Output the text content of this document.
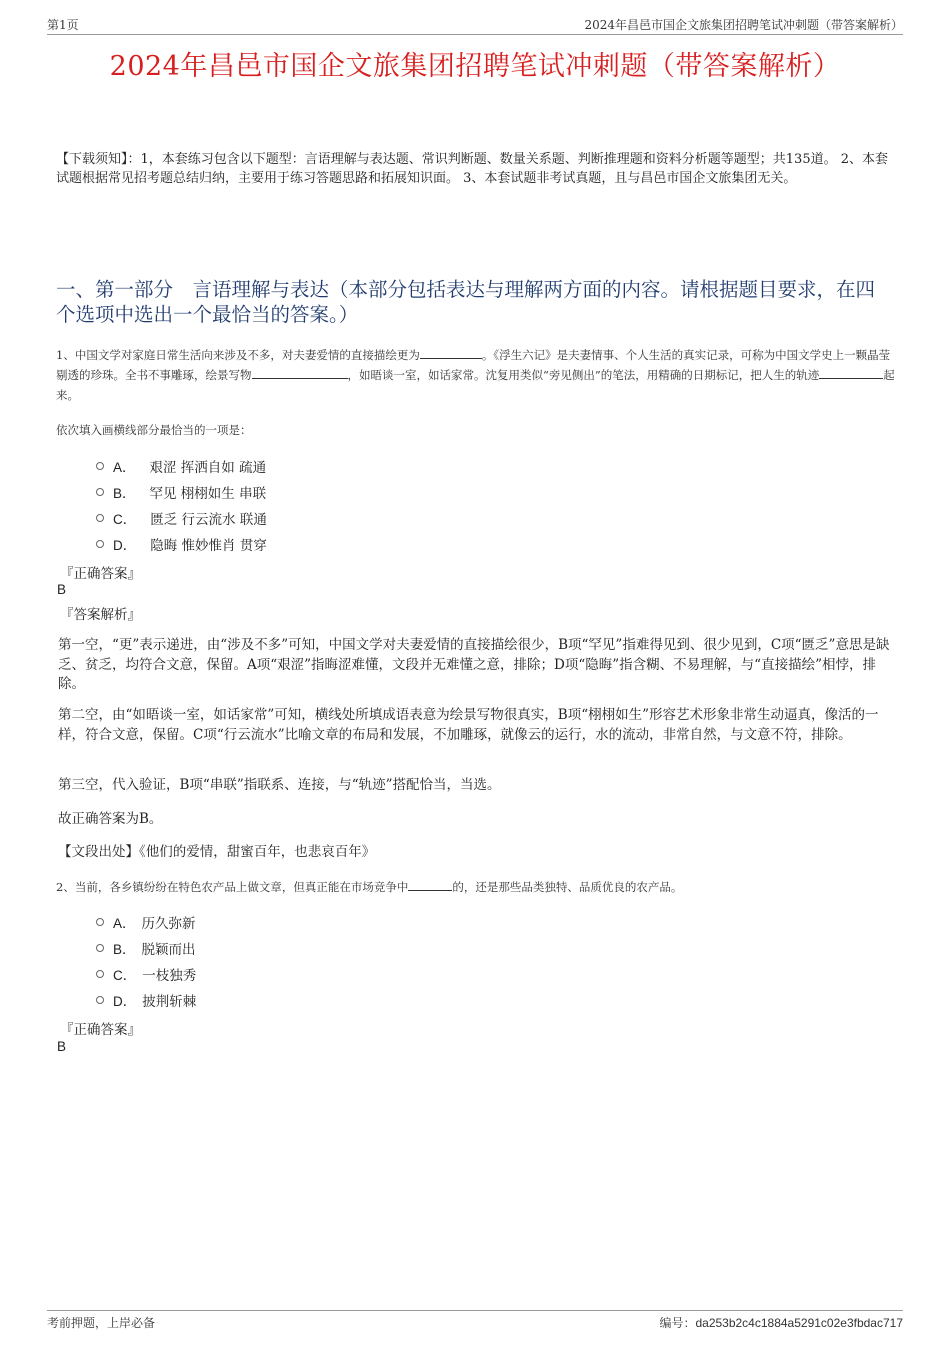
第1页	2024年昌邑市国企文旅集团招聘笔试冲刺题（带答案解析）
2024年昌邑市国企文旅集团招聘笔试冲刺题（带答案解析）
【下载须知】：1，本套练习包含以下题型：言语理解与表达题、常识判断题、数量关系题、判断推理题和资料分析题等题型；共135道。 2、本套试题根据常见招考题总结归纳，主要用于练习答题思路和拓展知识面。 3、本套试题非考试真题，且与昌邑市国企文旅集团无关。
一、第一部分　言语理解与表达（本部分包括表达与理解两方面的内容。请根据题目要求，在四个选项中选出一个最恰当的答案。）
1、中国文学对家庭日常生活向来涉及不多，对夫妻爱情的直接描绘更为	。《浮生六记》是夫妻情事、个人生活的真实记录，可称为中国文学史上一颗晶莹剔透的珍珠。全书不事雕琢，绘景写物	，如晤谈一室，如话家常。沈复用类似“旁见侧出”的笔法，用精确的日期标记，把人生的轨迹	起来。
依次填入画横线部分最恰当的一项是：
A． 艰涩 挥洒自如 疏通
B． 罕见 栩栩如生 串联
C． 匮乏 行云流水 联通
D． 隐晦 惟妙惟肖 贯穿
『正确答案』
B
『答案解析』
第一空，“更”表示递进，由“涉及不多”可知，中国文学对夫妻爱情的直接描绘很少，B项“罕见”指难得见到、很少见到，C项“匮乏”意思是缺乏、贫乏，均符合文意，保留。A项“艰涩”指晦涩难懂，文段并无难懂之意，排除；D项“隐晦”指含糊、不易理解，与“直接描绘”相悖，排除。
第二空，由“如晤谈一室，如话家常”可知，横线处所填成语表意为绘景写物很真实，B项“栩栩如生”形容艺术形象非常生动逼真，像活的一样，符合文意，保留。C项“行云流水”比喻文章的布局和发展，不加雕琢，就像云的运行，水的流动，非常自然，与文意不符，排除。
第三空，代入验证，B项“串联”指联系、连接，与“轨迹”搭配恰当，当选。
故正确答案为B。
【文段出处】《他们的爱情，甜蜜百年，也悲哀百年》
2、当前，各乡镇纷纷在特色农产品上做文章，但真正能在市场竞争中	的，还是那些品类独特、品质优良的农产品。
A． 历久弥新
B． 脱颖而出
C． 一枝独秀
D． 披荆斩棘
『正确答案』
B
考前押题，上岸必备	编号：da253b2c4c1884a5291c02e3fbdac717
